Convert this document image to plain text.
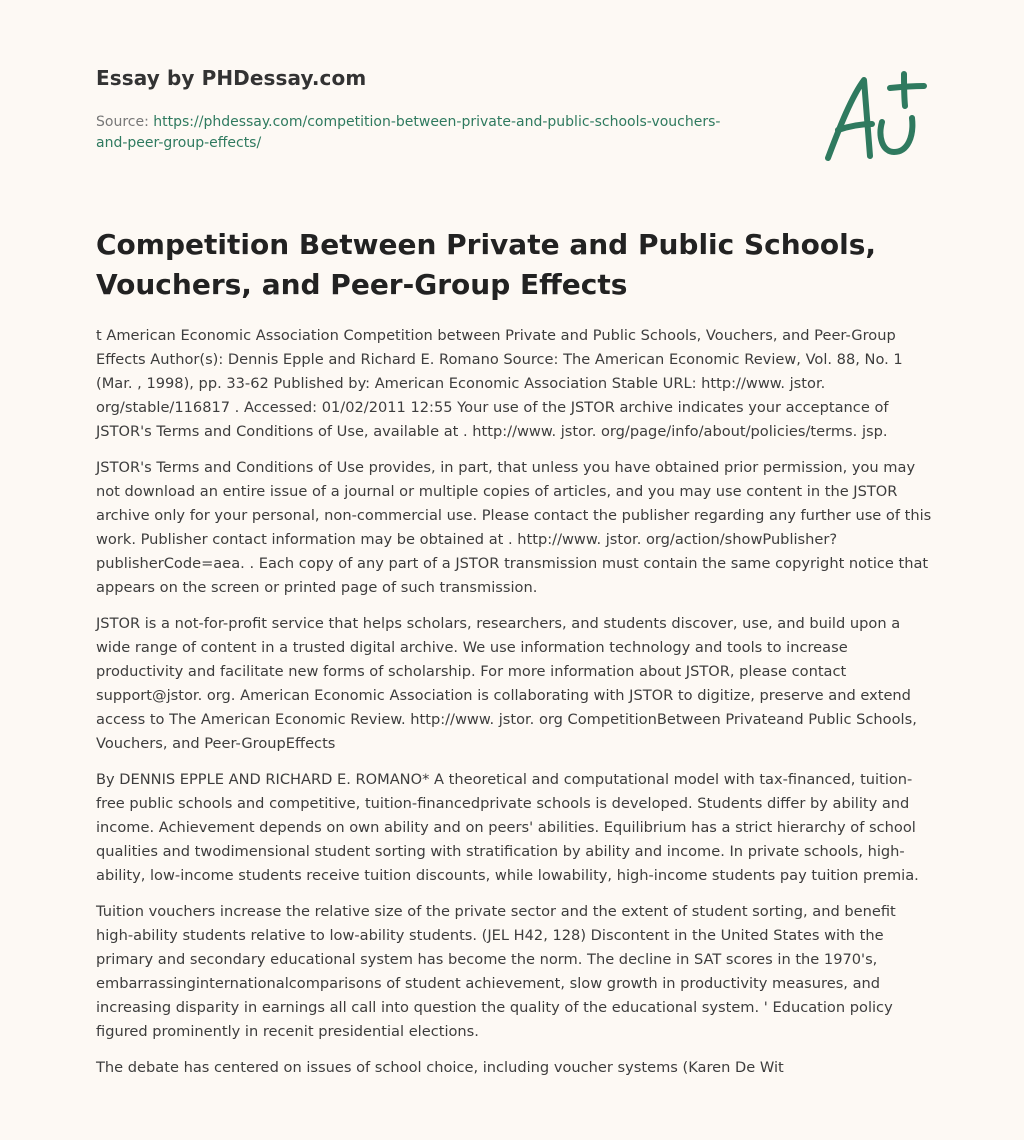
Essay by PHDessay.com
Source: https://phdessay.com/competition-between-private-and-public-schools-vouchers-and-peer-group-effects/
Competition Between Private and Public Schools, Vouchers, and Peer-Group Effects

t American Economic Association Competition between Private and Public Schools, Vouchers, and Peer-Group Effects Author(s): Dennis Epple and Richard E. Romano Source: The American Economic Review, Vol. 88, No. 1 (Mar. , 1998), pp. 33-62 Published by: American Economic Association Stable URL: http://www. jstor. org/stable/116817 . Accessed: 01/02/2011 12:55 Your use of the JSTOR archive indicates your acceptance of JSTOR's Terms and Conditions of Use, available at . http://www. jstor. org/page/info/about/policies/terms. jsp.

JSTOR's Terms and Conditions of Use provides, in part, that unless you have obtained prior permission, you may not download an entire issue of a journal or multiple copies of articles, and you may use content in the JSTOR archive only for your personal, non-commercial use. Please contact the publisher regarding any further use of this work. Publisher contact information may be obtained at . http://www. jstor. org/action/showPublisher? publisherCode=aea. . Each copy of any part of a JSTOR transmission must contain the same copyright notice that appears on the screen or printed page of such transmission.

JSTOR is a not-for-profit service that helps scholars, researchers, and students discover, use, and build upon a wide range of content in a trusted digital archive. We use information technology and tools to increase productivity and facilitate new forms of scholarship. For more information about JSTOR, please contact support@jstor. org. American Economic Association is collaborating with JSTOR to digitize, preserve and extend access to The American Economic Review. http://www. jstor. org CompetitionBetween Privateand Public Schools, Vouchers, and Peer-GroupEffects

By DENNIS EPPLE AND RICHARD E. ROMANO* A theoretical and computational model with tax-financed, tuition-free public schools and competitive, tuition-financedprivate schools is developed. Students differ by ability and income. Achievement depends on own ability and on peers' abilities. Equilibrium has a strict hierarchy of school qualities and twodimensional student sorting with stratification by ability and income. In private schools, high-ability, low-income students receive tuition discounts, while lowability, high-income students pay tuition premia.

Tuition vouchers increase the relative size of the private sector and the extent of student sorting, and benefit high-ability students relative to low-ability students. (JEL H42, 128) Discontent in the United States with the primary and secondary educational system has become the norm. The decline in SAT scores in the 1970's, embarrassinginternationalcomparisons of student achievement, slow growth in productivity measures, and increasing disparity in earnings all call into question the quality of the educational system. ' Education policy figured prominently in recenit presidential elections.

The debate has centered on issues of school choice, including voucher systems (Karen De Wit
